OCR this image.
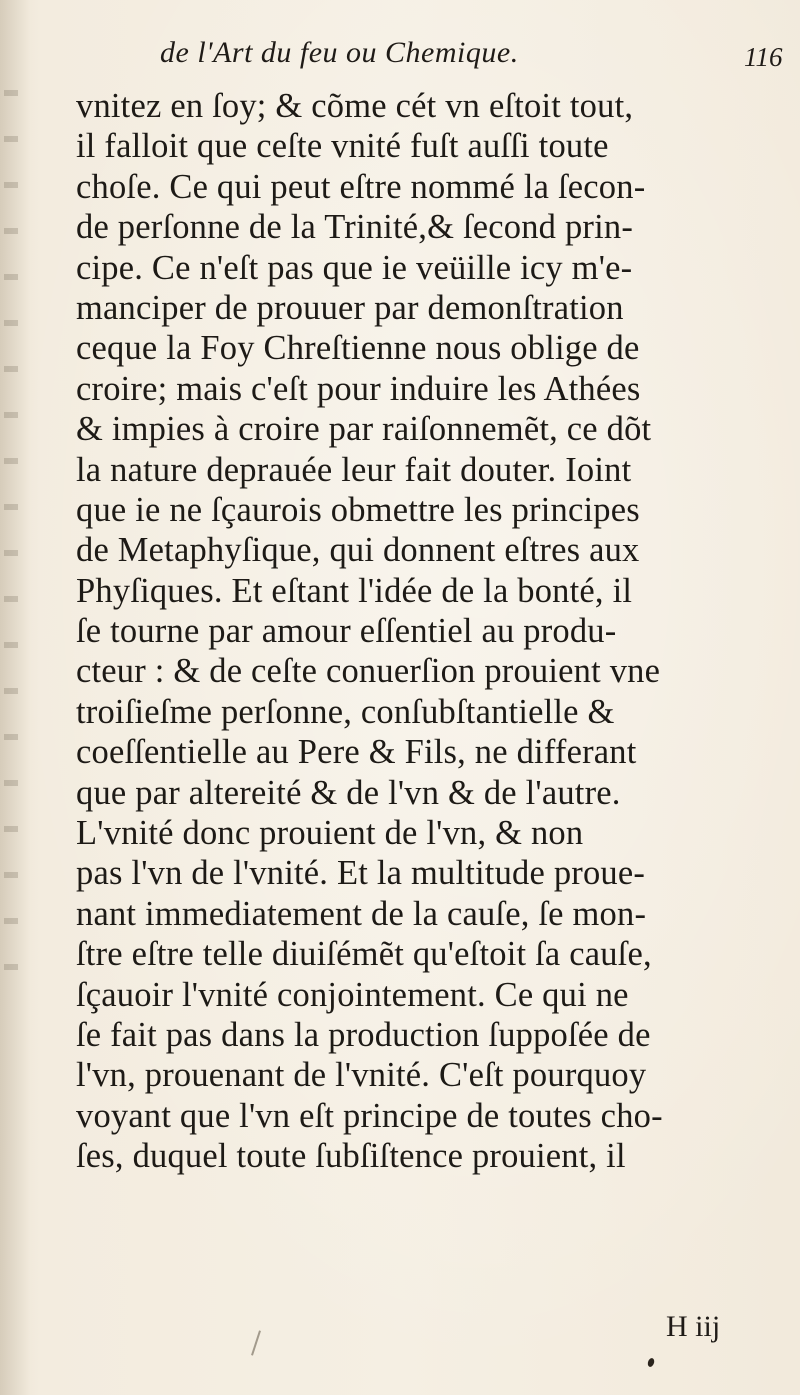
de l'Art du feu ou Chemique.	116
vnitez en ſoy; & cõme cét vn eſtoit tout,
il falloit que ceſte vnité fuſt auſſi toute
choſe. Ce qui peut eſtre nommé la ſecon-
de perſonne de la Trinité,& ſecond prin-
cipe. Ce n'eſt pas que ie veüille icy m'e-
manciper de prouuer par demonſtration
ceque la Foy Chreſtienne nous oblige de
croire; mais c'eſt pour induire les Athées
& impies à croire par raiſonnemẽt, ce dõt
la nature deprauée leur fait douter. Ioint
que ie ne ſçaurois obmettre les principes
de Metaphyſique, qui donnent eſtres aux
Phyſiques. Et eſtant l'idée de la bonté, il
ſe tourne par amour eſſentiel au produ-
cteur : & de ceſte conuerſion prouient vne
troiſieſme perſonne, conſubſtantielle &
coeſſentielle au Pere & Fils, ne differant
que par altereité & de l'vn & de l'autre.
L'vnité donc prouient de l'vn, & non
pas l'vn de l'vnité. Et la multitude proue-
nant immediatement de la cauſe, ſe mon-
ſtre eſtre telle diuiſémẽt qu'eſtoit ſa cauſe,
ſçauoir l'vnité conjointement. Ce qui ne
ſe fait pas dans la production ſuppoſée de
l'vn, prouenant de l'vnité. C'eſt pourquoy
voyant que l'vn eſt principe de toutes cho-
ſes, duquel toute ſubſiſtence prouient, il
H iij
